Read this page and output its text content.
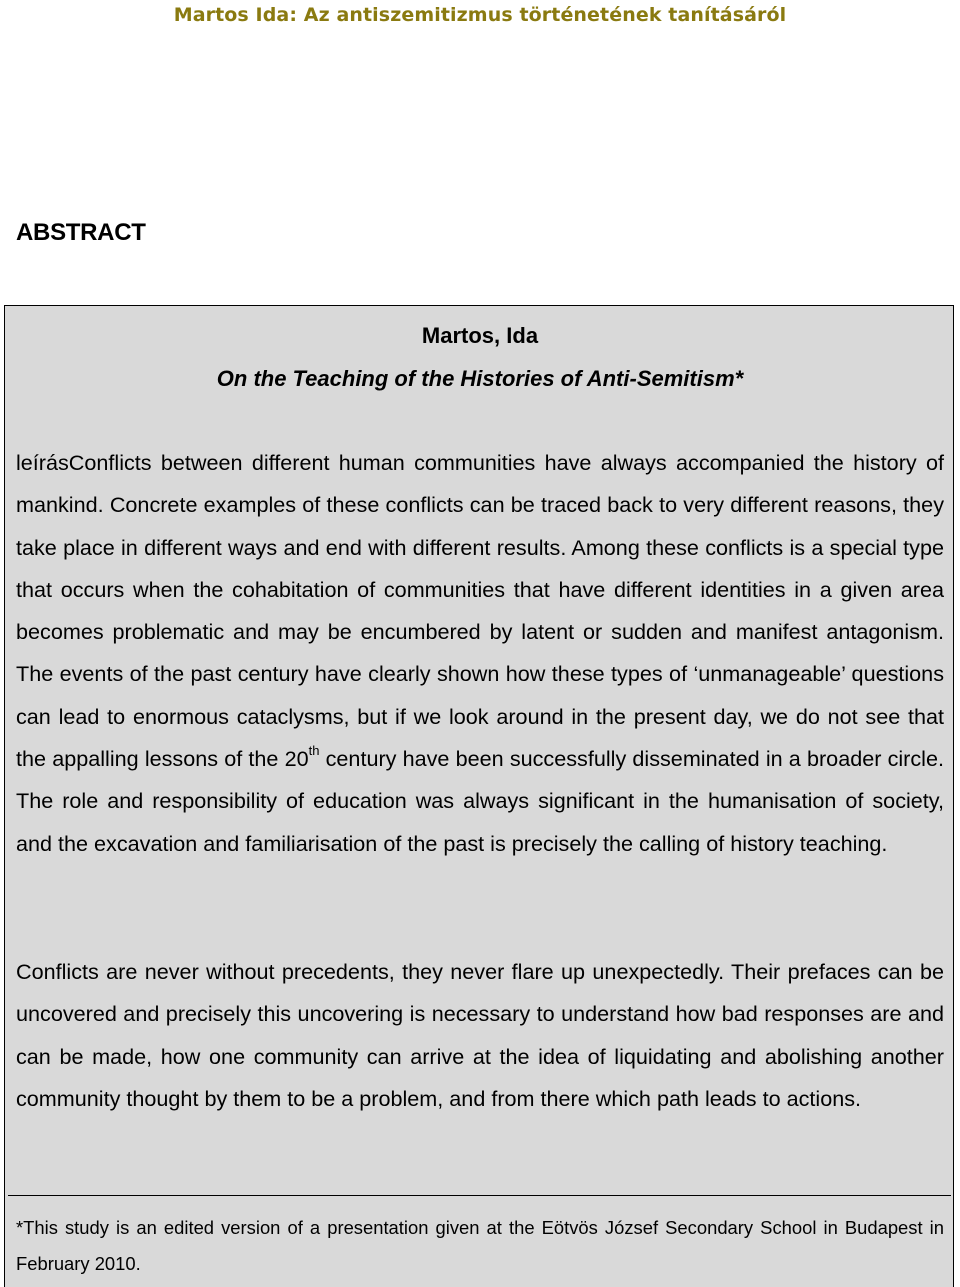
Martos Ida: Az antiszemitizmus történetének tanításáról
ABSTRACT
Martos, Ida
On the Teaching of the Histories of Anti-Semitism*
leírásConflicts between different human communities have always accompanied the history of mankind. Concrete examples of these conflicts can be traced back to very different reasons, they take place in different ways and end with different results. Among these conflicts is a special type that occurs when the cohabitation of communities that have different identities in a given area becomes problematic and may be encumbered by latent or sudden and manifest antagonism. The events of the past century have clearly shown how these types of ‘unmanageable’ questions can lead to enormous cataclysms, but if we look around in the present day, we do not see that the appalling lessons of the 20th century have been successfully disseminated in a broader circle. The role and responsibility of education was always significant in the humanisation of society, and the excavation and familiarisation of the past is precisely the calling of history teaching.
Conflicts are never without precedents, they never flare up unexpectedly. Their prefaces can be uncovered and precisely this uncovering is necessary to understand how bad responses are and can be made, how one community can arrive at the idea of liquidating and abolishing another community thought by them to be a problem, and from there which path leads to actions.
*This study is an edited version of a presentation given at the Eötvös József Secondary School in Budapest in February 2010.
